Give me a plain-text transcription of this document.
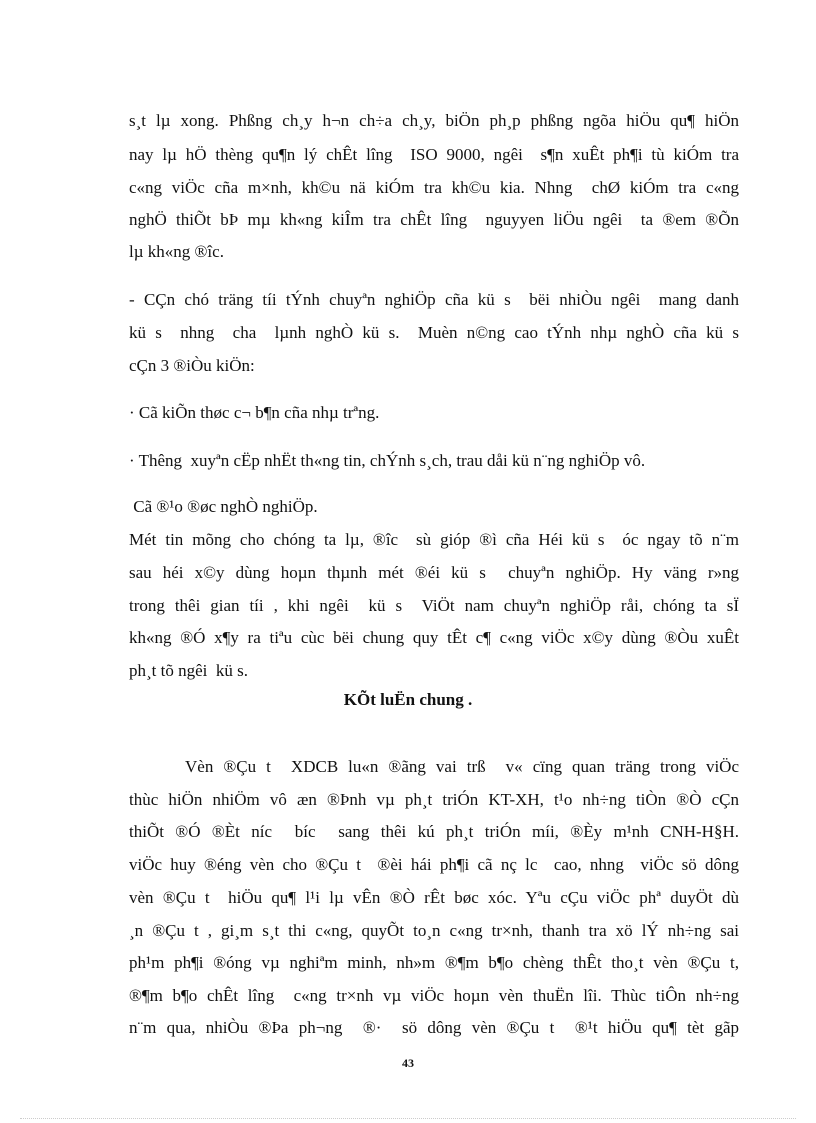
s¸t lµ xong. Phßng ch¸y h¬n ch÷a ch¸y, biÖn ph¸p phßng ngõa hiÖu qu¶ hiÖn
nay lµ hÖ thèng qu¶n lý chÊt lîng  ISO 9000, ngêi  s¶n xuÊt ph¶i tù kiÓm tra
c«ng viÖc cña m×nh, kh©u nä kiÓm tra kh©u kia. Nhng  chØ kiÓm tra c«ng
nghÖ thiÕt bÞ mµ kh«ng kiÎm tra chÊt lîng  nguyyen liÖu ngêi  ta ®em ®Õn
lµ kh«ng ®îc.
- CÇn chó träng tíi tÝnh chuyªn nghiÖp cña kü s  bëi nhiÒu ngêi  mang danh
kü s  nhng  cha  lµnh nghÒ kü s.  Muèn n©ng cao tÝnh nhµ nghÒ cña kü s
cÇn 3 ®iÒu kiÖn:
· Cã kiÕn thøc c¬ b¶n cña nhµ trªng.
· Thêng  xuyªn cËp nhËt th«ng tin, chÝnh s¸ch, trau dåi kü n¨ng nghiÖp vô.
Cã ®¹o ®øc nghÒ nghiÖp.
Mét tin mõng cho chóng ta lµ, ®îc  sù gióp ®ì cña Héi kü s  óc ngay tõ n¨m
sau héi x©y dùng hoµn thµnh mét ®éi kü s  chuyªn nghiÖp. Hy väng r»ng
trong thêi gian tíi , khi ngêi  kü s  ViÖt nam chuyªn nghiÖp råi, chóng ta sÏ
kh«ng ®Ó x¶y ra tiªu cùc bëi chung quy tÊt c¶ c«ng viÖc x©y dùng ®Òu xuÊt
ph¸t tõ ngêi  kü s.
KÕt luËn chung .
Vèn ®Çu t  XDCB lu«n ®ãng vai trß  v« cïng quan träng trong viÖc
thùc hiÖn nhiÖm vô æn ®Þnh vµ ph¸t triÓn KT-XH, t¹o nh÷ng tiÒn ®Ò cÇn
thiÕt ®Ó ®Èt níc  bíc  sang thêi kú ph¸t triÓn míi, ®Èy m¹nh CNH-H§H.
viÖc huy ®éng vèn cho ®Çu t  ®èi hái ph¶i cã nç lc  cao, nhng  viÖc sö dông
vèn ®Çu t  hiÖu qu¶ l¹i lµ vÊn ®Ò rÊt bøc xóc. Yªu cÇu viÖc phª duyÖt dù
¸n ®Çu t , gi¸m s¸t thi c«ng, quyÕt to¸n c«ng tr×nh, thanh tra xö lÝ nh÷ng sai
ph¹m ph¶i ®óng vµ nghiªm minh, nh»m ®¶m b¶o chèng thÊt tho¸t vèn ®Çu t,
®¶m b¶o chÊt lîng  c«ng tr×nh vµ viÖc hoµn vèn thuËn lîi. Thùc tiÔn nh÷ng
n¨m qua, nhiÒu ®Þa ph¬ng  ®·  sö dông vèn ®Çu t  ®¹t hiÖu qu¶ tèt gãp
43
